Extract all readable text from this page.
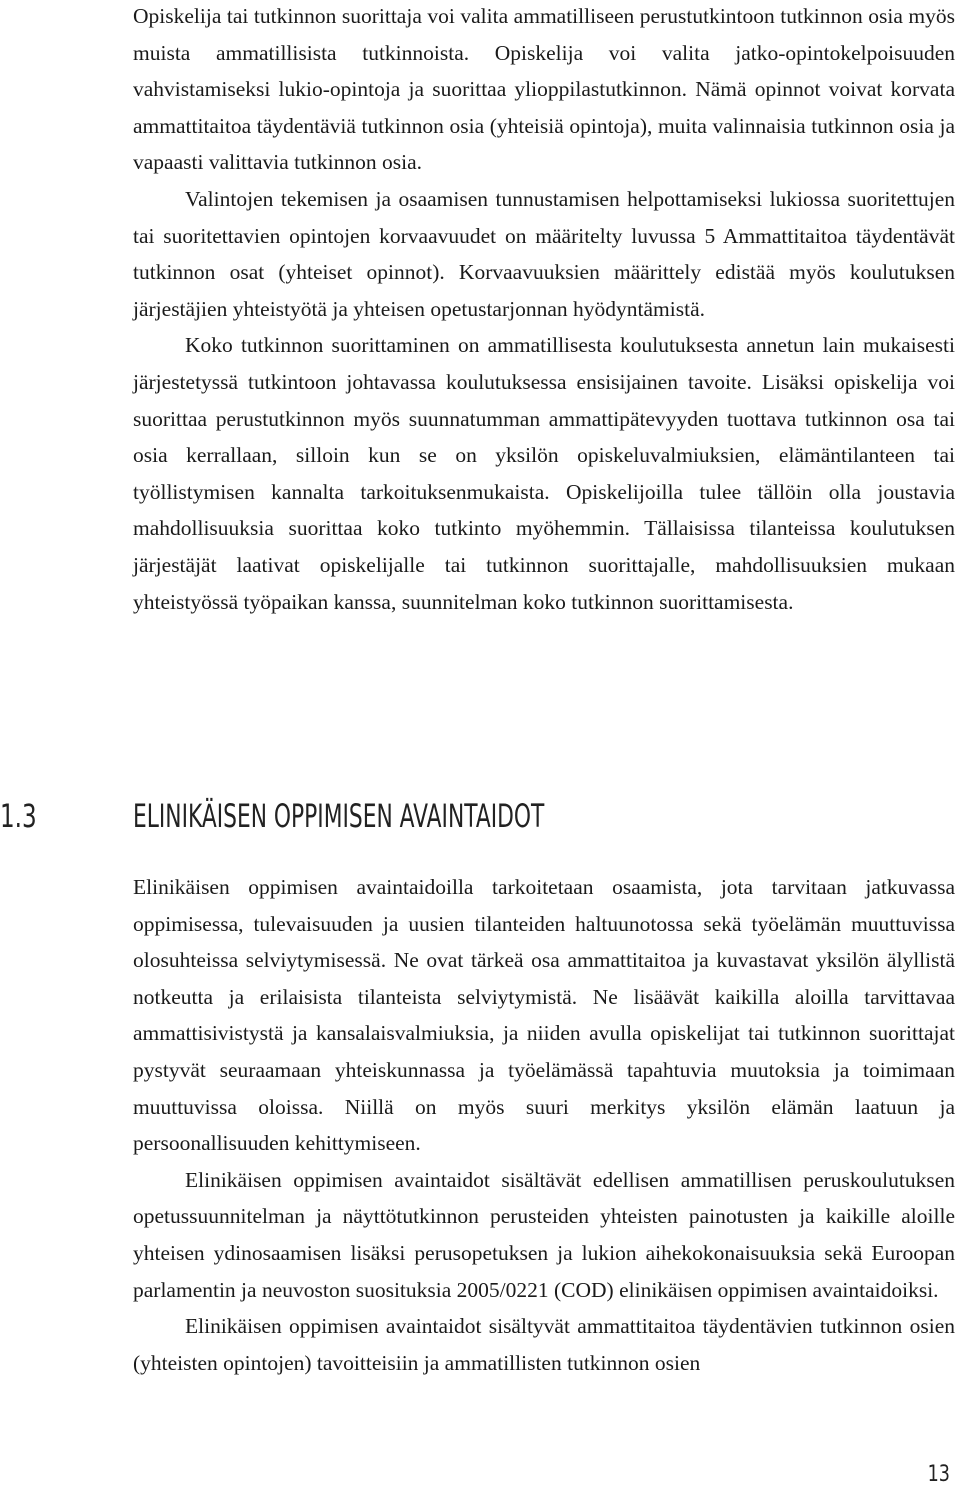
Opiskelija tai tutkinnon suorittaja voi valita ammatilliseen perustutkintoon tutkinnon osia myös muista ammatillisista tutkinnoista. Opiskelija voi valita jatko-opintokelpoisuuden vahvistamiseksi lukio-opintoja ja suorittaa ylioppilastutkinnon. Nämä opinnot voivat korvata ammattitaitoa täydentäviä tutkinnon osia (yhteisiä opintoja), muita valinnaisia tutkinnon osia ja vapaasti valittavia tutkinnon osia.

Valintojen tekemisen ja osaamisen tunnustamisen helpottamiseksi lukiossa suoritettujen tai suoritettavien opintojen korvaavuudet on määritelty luvussa 5 Ammattitaitoa täydentävät tutkinnon osat (yhteiset opinnot). Korvaavuuksien määrittely edistää myös koulutuksen järjestäjien yhteistyötä ja yhteisen opetustarjonnan hyödyntämistä.

Koko tutkinnon suorittaminen on ammatillisesta koulutuksesta annetun lain mukaisesti järjestetyssä tutkintoon johtavassa koulutuksessa ensisijainen tavoite. Lisäksi opiskelija voi suorittaa perustutkinnon myös suunnatumman ammattipätevyyden tuottava tutkinnon osa tai osia kerrallaan, silloin kun se on yksilön opiskeluvalmiuksien, elämäntilanteen tai työllistymisen kannalta tarkoituksenmukaista. Opiskelijoilla tulee tällöin olla joustavia mahdollisuuksia suorittaa koko tutkinto myöhemmin. Tällaisissa tilanteissa koulutuksen järjestäjät laativat opiskelijalle tai tutkinnon suorittajalle, mahdollisuuksien mukaan yhteistyössä työpaikan kanssa, suunnitelman koko tutkinnon suorittamisesta.

1.3	ELINIKÄISEN OPPIMISEN AVAINTAIDOT

Elinikäisen oppimisen avaintaidoilla tarkoitetaan osaamista, jota tarvitaan jatkuvassa oppimisessa, tulevaisuuden ja uusien tilanteiden haltuunotossa sekä työelämän muuttuvissa olosuhteissa selviytymisessä. Ne ovat tärkeä osa ammattitaitoa ja kuvastavat yksilön älyllistä notkeutta ja erilaisista tilanteista selviytymistä. Ne lisäävät kaikilla aloilla tarvittavaa ammattisivistystä ja kansalaisvalmiuksia, ja niiden avulla opiskelijat tai tutkinnon suorittajat pystyvät seuraamaan yhteiskunnassa ja työelämässä tapahtuvia muutoksia ja toimimaan muuttuvissa oloissa. Niillä on myös suuri merkitys yksilön elämän laatuun ja persoonallisuuden kehittymiseen.

Elinikäisen oppimisen avaintaidot sisältävät edellisen ammatillisen peruskoulutuksen opetussuunnitelman ja näyttötutkinnon perusteiden yhteisten painotusten ja kaikille aloille yhteisen ydinosaamisen lisäksi perusopetuksen ja lukion aihekokonaisuuksia sekä Euroopan parlamentin ja neuvoston suosituksia 2005/0221 (COD) elinikäisen oppimisen avaintaidoiksi.

Elinikäisen oppimisen avaintaidot sisältyvät ammattitaitoa täydentävien tutkinnon osien (yhteisten opintojen) tavoitteisiin ja ammatillisten tutkinnon osien

13
